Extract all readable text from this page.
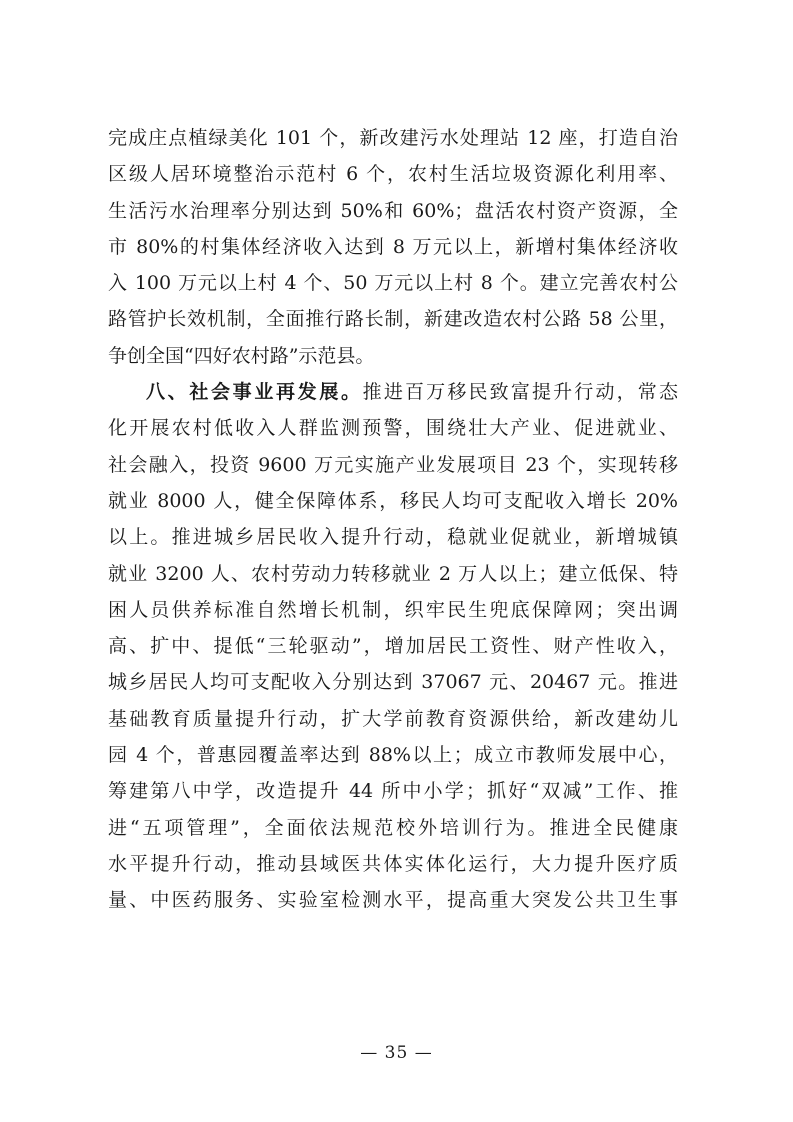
完成庄点植绿美化 101 个，新改建污水处理站 12 座，打造自治
区级人居环境整治示范村 6 个，农村生活垃圾资源化利用率、
生活污水治理率分别达到 50%和 60%；盘活农村资产资源，全
市 80%的村集体经济收入达到 8 万元以上，新增村集体经济收
入 100 万元以上村 4 个、50 万元以上村 8 个。建立完善农村公
路管护长效机制，全面推行路长制，新建改造农村公路 58 公里，
争创全国“四好农村路”示范县。
八、社会事业再发展。推进百万移民致富提升行动，常态
化开展农村低收入人群监测预警，围绕壮大产业、促进就业、
社会融入，投资 9600 万元实施产业发展项目 23 个，实现转移
就业 8000 人，健全保障体系，移民人均可支配收入增长 20%
以上。推进城乡居民收入提升行动，稳就业促就业，新增城镇
就业 3200 人、农村劳动力转移就业 2 万人以上；建立低保、特
困人员供养标准自然增长机制，织牢民生兜底保障网；突出调
高、扩中、提低“三轮驱动”，增加居民工资性、财产性收入，
城乡居民人均可支配收入分别达到 37067 元、20467 元。推进
基础教育质量提升行动，扩大学前教育资源供给，新改建幼儿
园 4 个，普惠园覆盖率达到 88%以上；成立市教师发展中心，
筹建第八中学，改造提升 44 所中小学；抓好“双减”工作、推
进“五项管理”，全面依法规范校外培训行为。推进全民健康
水平提升行动，推动县域医共体实体化运行，大力提升医疗质
量、中医药服务、实验室检测水平，提高重大突发公共卫生事
— 35 —
